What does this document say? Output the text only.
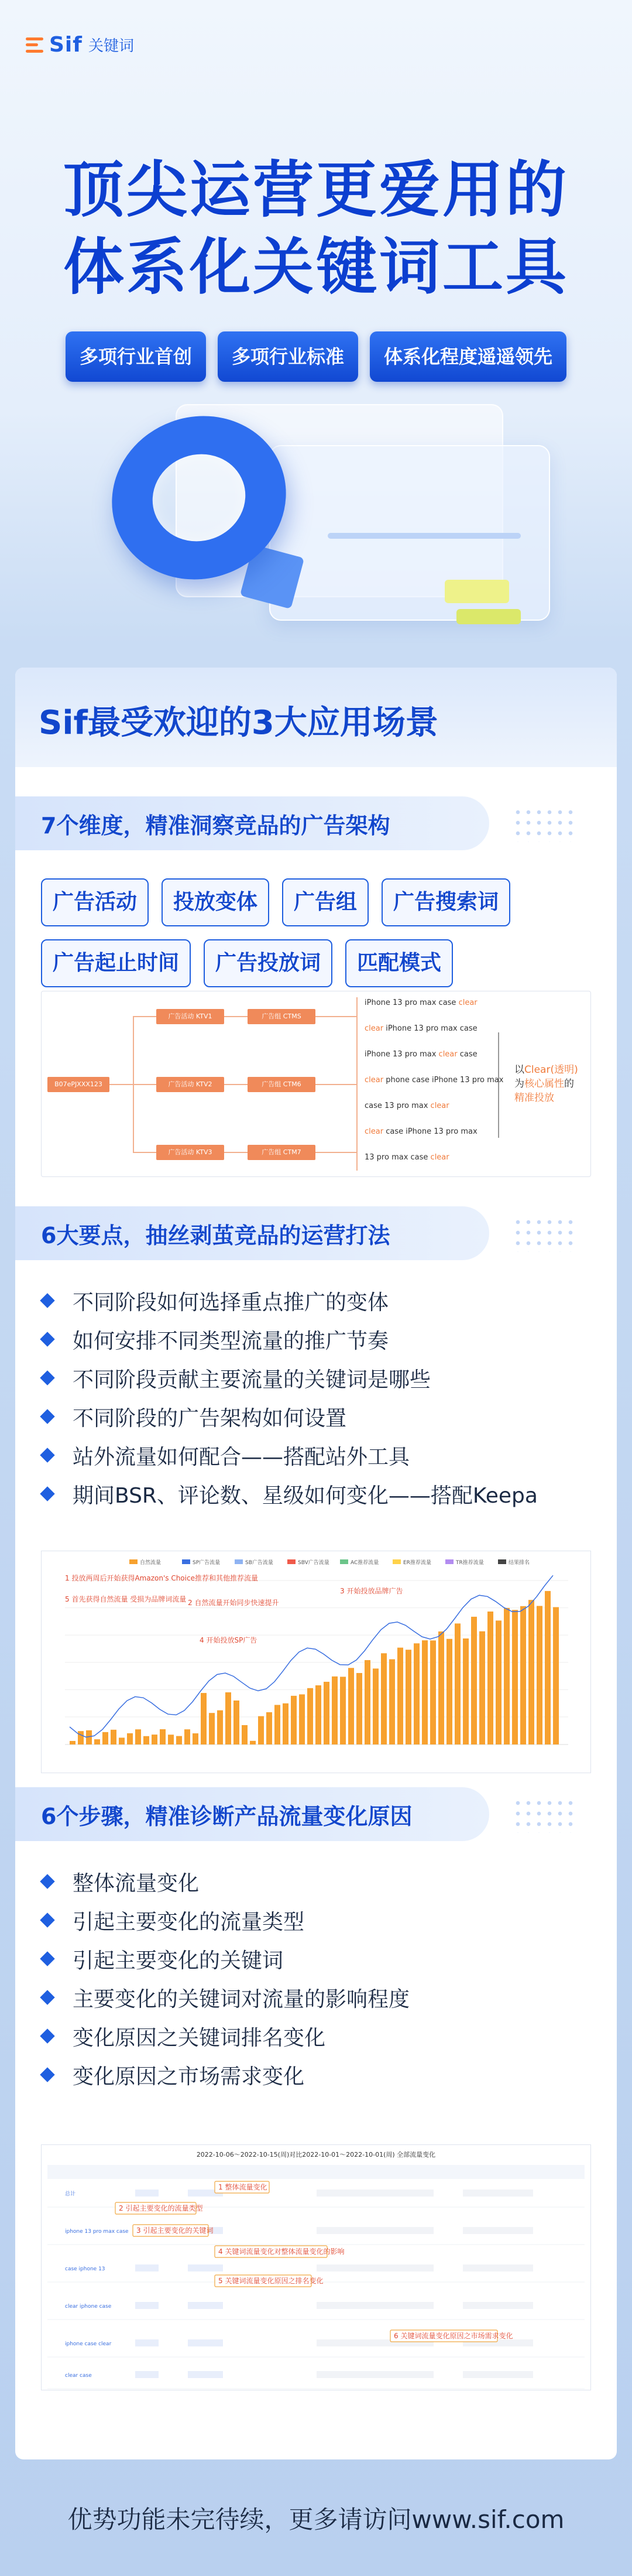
Sif 关键词
顶尖运营更爱用的
体系化关键词工具
多项行业首创	多项行业标准	体系化程度遥遥领先
Sif最受欢迎的3大应用场景
7个维度，精准洞察竞品的广告架构
广告活动	投放变体	广告组	广告搜索词
广告起止时间	广告投放词	匹配模式
6大要点，抽丝剥茧竞品的运营打法
不同阶段如何选择重点推广的变体
如何安排不同类型流量的推广节奏
不同阶段贡献主要流量的关键词是哪些
不同阶段的广告架构如何设置
站外流量如何配合——搭配站外工具
期间BSR、评论数、星级如何变化——搭配Keepa
6个步骤，精准诊断产品流量变化原因
整体流量变化
引起主要变化的流量类型
引起主要变化的关键词
主要变化的关键词对流量的影响程度
变化原因之关键词排名变化
变化原因之市场需求变化
B07ePJXXX123
广告活动 KTV1
广告活动 KTV2
广告活动 KTV3
广告组 CTMS
广告组 CTM6
广告组 CTM7
iPhone 13 pro max case clear
clear iPhone 13 pro max case
iPhone 13 pro max clear case
clear phone case iPhone 13 pro max
case 13 pro max clear
clear case iPhone 13 pro max
13 pro max case clear
以Clear(透明)
为核心属性的
精准投放
自然流量	SP广告流量	SB广告流量	SBV广告流量	AC推荐流量	ER推荐流量	TR推荐流量	结果排名
1 投放两周后开始获得Amazon's Choice推荐和其他推荐流量
2 自然流量开始同步快速提升
3 开始投放品牌广告
4 开始投放SP广告
5 首先获得自然流量 受损为品牌词流量
2022-10-06～2022-10-15(周)对比2022-10-01～2022-10-01(周) 全部流量变化
总计
iphone 13 pro max case
case iphone 13
clear iphone case
iphone case clear
clear case
1 整体流量变化
2 引起主要变化的流量类型
3 引起主要变化的关键词
4 关键词流量变化对整体流量变化的影响
5 关键词流量变化原因之排名变化
6 关键词流量变化原因之市场需求变化
优势功能未完待续，更多请访问www.sif.com
